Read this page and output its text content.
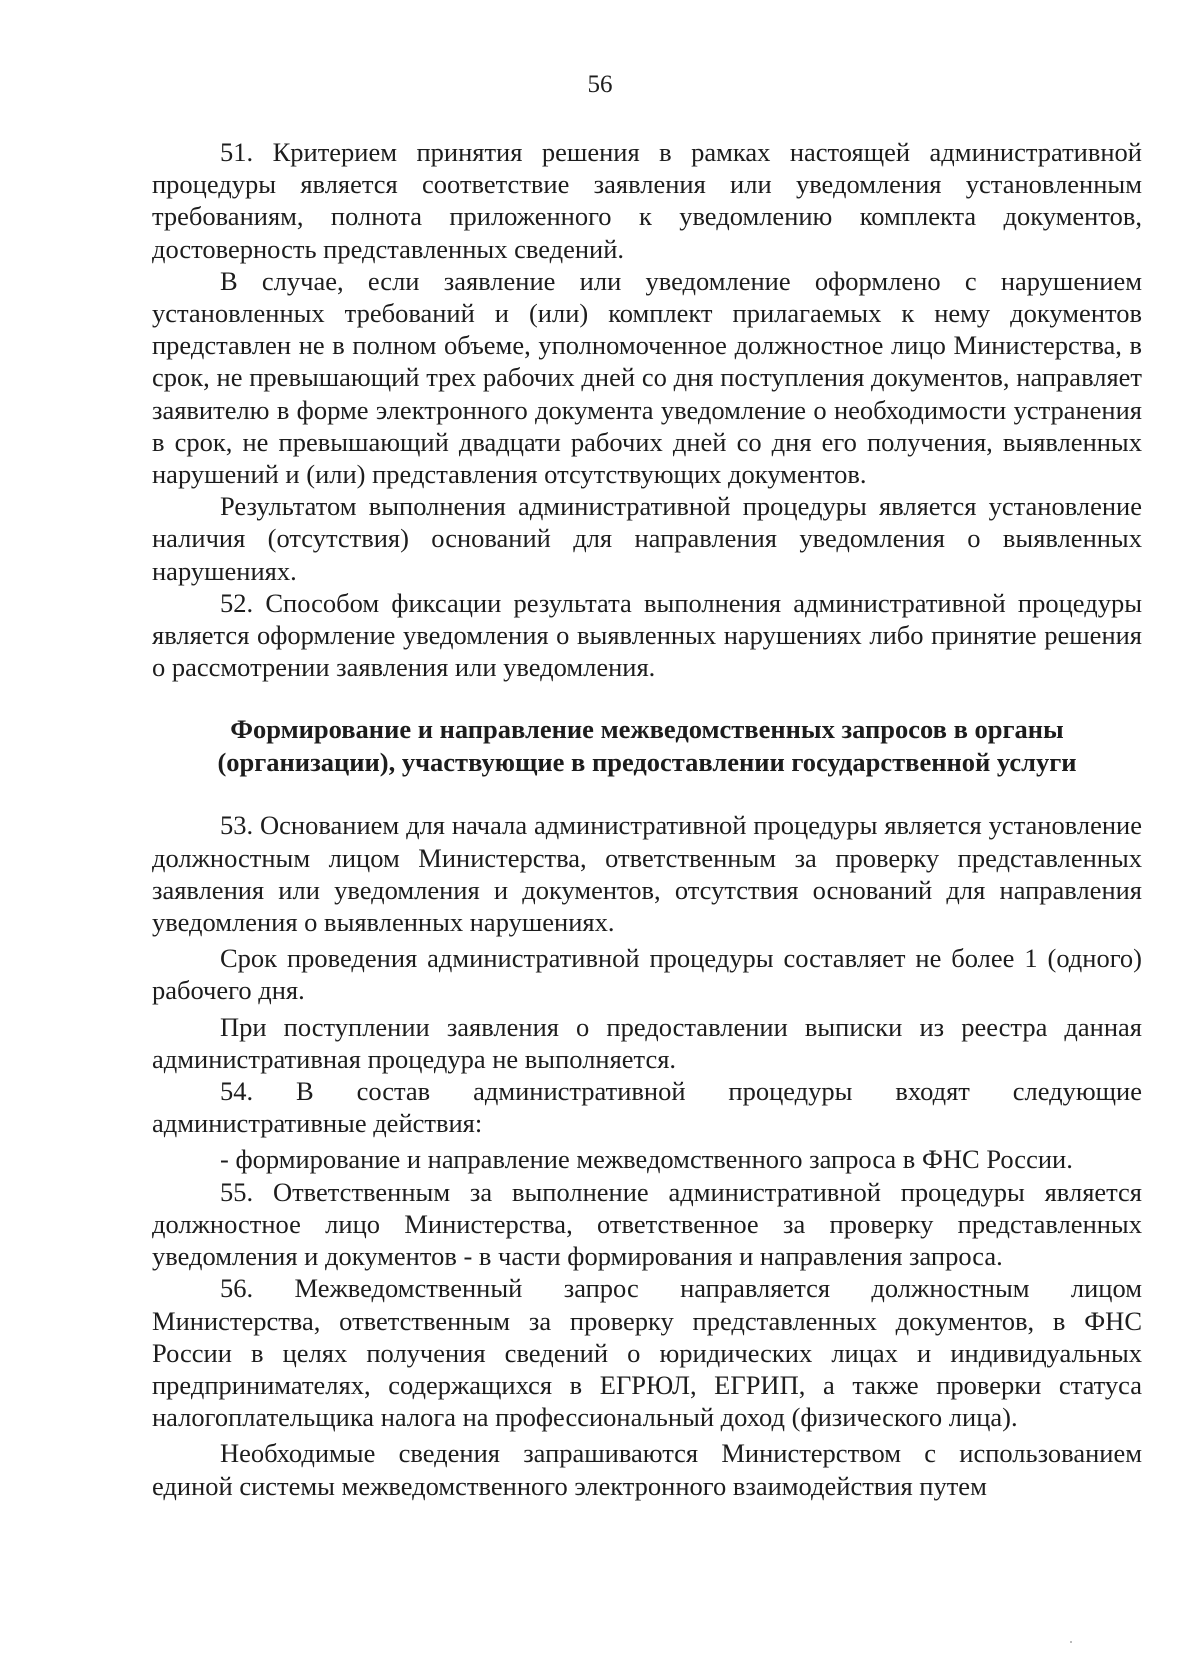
56

51. Критерием принятия решения в рамках настоящей административной процедуры является соответствие заявления или уведомления установленным требованиям, полнота приложенного к уведомлению комплекта документов, достоверность представленных сведений.

В случае, если заявление или уведомление оформлено с нарушением установленных требований и (или) комплект прилагаемых к нему документов представлен не в полном объеме, уполномоченное должностное лицо Министерства, в срок, не превышающий трех рабочих дней со дня поступления документов, направляет заявителю в форме электронного документа уведомление о необходимости устранения в срок, не превышающий двадцати рабочих дней со дня его получения, выявленных нарушений и (или) представления отсутствующих документов.

Результатом выполнения административной процедуры является установление наличия (отсутствия) оснований для направления уведомления о выявленных нарушениях.

52. Способом фиксации результата выполнения административной процедуры является оформление уведомления о выявленных нарушениях либо принятие решения о рассмотрении заявления или уведомления.

Формирование и направление межведомственных запросов в органы
(организации), участвующие в предоставлении государственной услуги

53. Основанием для начала административной процедуры является установление должностным лицом Министерства, ответственным за проверку представленных заявления или уведомления и документов, отсутствия оснований для направления уведомления о выявленных нарушениях.

Срок проведения административной процедуры составляет не более 1 (одного) рабочего дня.

При поступлении заявления о предоставлении выписки из реестра данная административная процедура не выполняется.

54. В состав административной процедуры входят следующие административные действия:

- формирование и направление межведомственного запроса в ФНС России.

55. Ответственным за выполнение административной процедуры является должностное лицо Министерства, ответственное за проверку представленных уведомления и документов - в части формирования и направления запроса.

56. Межведомственный запрос направляется должностным лицом Министерства, ответственным за проверку представленных документов, в ФНС России в целях получения сведений о юридических лицах и индивидуальных предпринимателях, содержащихся в ЕГРЮЛ, ЕГРИП, а также проверки статуса налогоплательщика налога на профессиональный доход (физического лица).

Необходимые сведения запрашиваются Министерством с использованием единой системы межведомственного электронного взаимодействия путем
